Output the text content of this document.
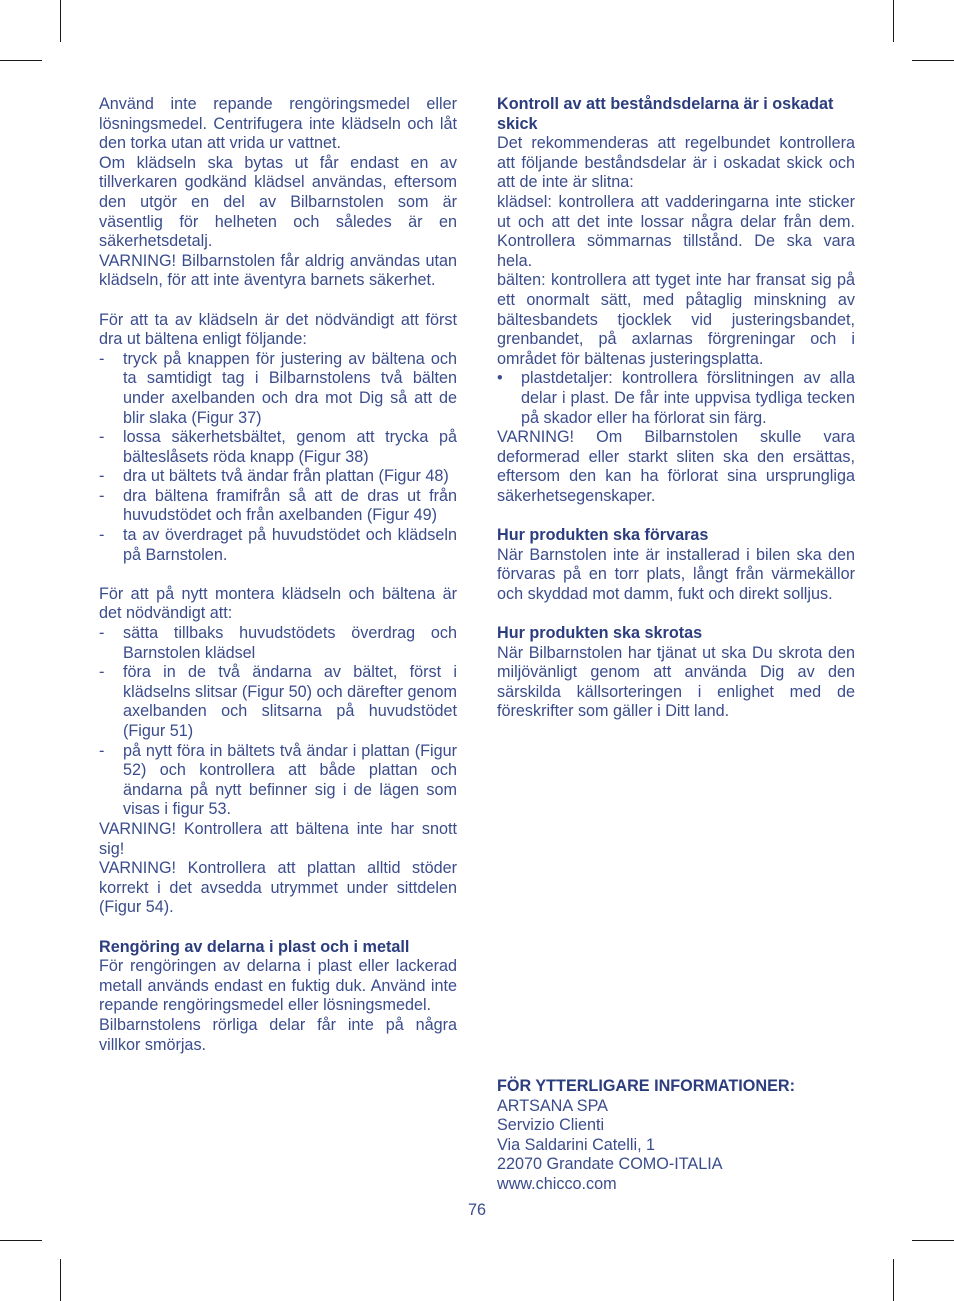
Använd inte repande rengöringsmedel eller lösningsmedel. Centrifugera inte klädseln och låt den torka utan att vrida ur vattnet.

Om klädseln ska bytas ut får endast en av tillverkaren godkänd klädsel användas, eftersom den utgör en del av Bilbarnstolen som är väsentlig för helheten och således är en säkerhetsdetalj.

VARNING! Bilbarnstolen får aldrig användas utan klädseln, för att inte äventyra barnets säkerhet.

För att ta av klädseln är det nödvändigt att först dra ut bältena enligt följande:

- tryck på knappen för justering av bältena och ta samtidigt tag i Bilbarnstolens två bälten under axelbanden och dra mot Dig så att de blir slaka (Figur 37)
- lossa säkerhetsbältet, genom att trycka på bälteslåsets röda knapp (Figur 38)
- dra ut bältets två ändar från plattan (Figur 48)
- dra bältena framifrån så att de dras ut från huvudstödet och från axelbanden (Figur 49)
- ta av överdraget på huvudstödet och klädseln på Barnstolen.

För att på nytt montera klädseln och bältena är det nödvändigt att:

- sätta tillbaks huvudstödets överdrag och Barnstolen klädsel
- föra in de två ändarna av bältet, först i klädselns slitsar (Figur 50) och därefter genom axelbanden och slitsarna på huvudstödet (Figur 51)
- på nytt föra in bältets två ändar i plattan (Figur 52) och kontrollera att både plattan och ändarna på nytt befinner sig i de lägen som visas i figur 53.

VARNING! Kontrollera att bältena inte har snott sig!

VARNING! Kontrollera att plattan alltid stöder korrekt i det avsedda utrymmet under sittdelen (Figur 54).

Rengöring av delarna i plast och i metall

För rengöringen av delarna i plast eller lackerad metall används endast en fuktig duk. Använd inte repande rengöringsmedel eller lösningsmedel.

Bilbarnstolens rörliga delar får inte på några villkor smörjas.

Kontroll av att beståndsdelarna är i oskadat skick

Det rekommenderas att regelbundet kontrollera att följande beståndsdelar är i oskadat skick och att de inte är slitna:

klädsel: kontrollera att vadderingarna inte sticker ut och att det inte lossar några delar från dem. Kontrollera sömmarnas tillstånd. De ska vara hela.

bälten: kontrollera att tyget inte har fransat sig på ett onormalt sätt, med påtaglig minskning av bältesbandets tjocklek vid justeringsbandet, grenbandet, på axlarnas förgreningar och i området för bältenas justeringsplatta.

• plastdetaljer: kontrollera förslitningen av alla delar i plast. De får inte uppvisa tydliga tecken på skador eller ha förlorat sin färg.

VARNING! Om Bilbarnstolen skulle vara deformerad eller starkt sliten ska den ersättas, eftersom den kan ha förlorat sina ursprungliga säkerhetsegenskaper.

Hur produkten ska förvaras

När Barnstolen inte är installerad i bilen ska den förvaras på en torr plats, långt från värmekällor och skyddad mot damm, fukt och direkt solljus.

Hur produkten ska skrotas

När Bilbarnstolen har tjänat ut ska Du skrota den miljövänligt genom att använda Dig av den särskilda källsorteringen i enlighet med de föreskrifter som gäller i Ditt land.

FÖR YTTERLIGARE INFORMATIONER:
ARTSANA SPA
Servizio Clienti
Via Saldarini Catelli, 1
22070 Grandate COMO-ITALIA
www.chicco.com
76
